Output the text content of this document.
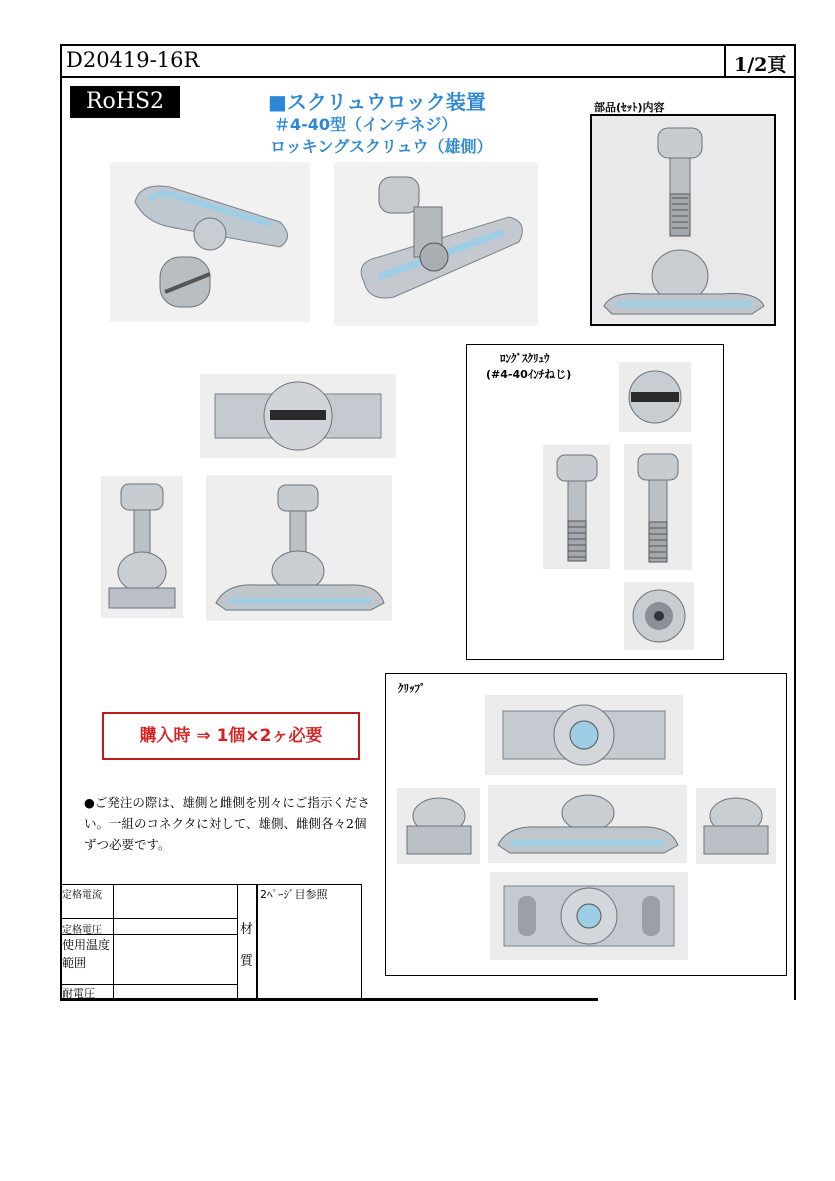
D20419-16R	1/2頁
RoHS2	■スクリュウロック装置
＃4-40型（インチネジ）
ロッキングスクリュウ（雄側）
部品(ｾｯﾄ)内容
ﾛﾝｸﾞｽｸﾘｭｳ
(#4-40ｲﾝﾁねじ)
購入時 ⇒ 1個×2ヶ必要
●ご発注の際は、雄側と雌側を別々にご指示ください。一組のコネクタに対して、雄側、雌側各々2個ずつ必要です。
ｸﾘｯﾌﾟ
定格電流
定格電圧
使用温度
範囲
耐電圧
材
質
2ﾍﾟｰｼﾞ目参照
